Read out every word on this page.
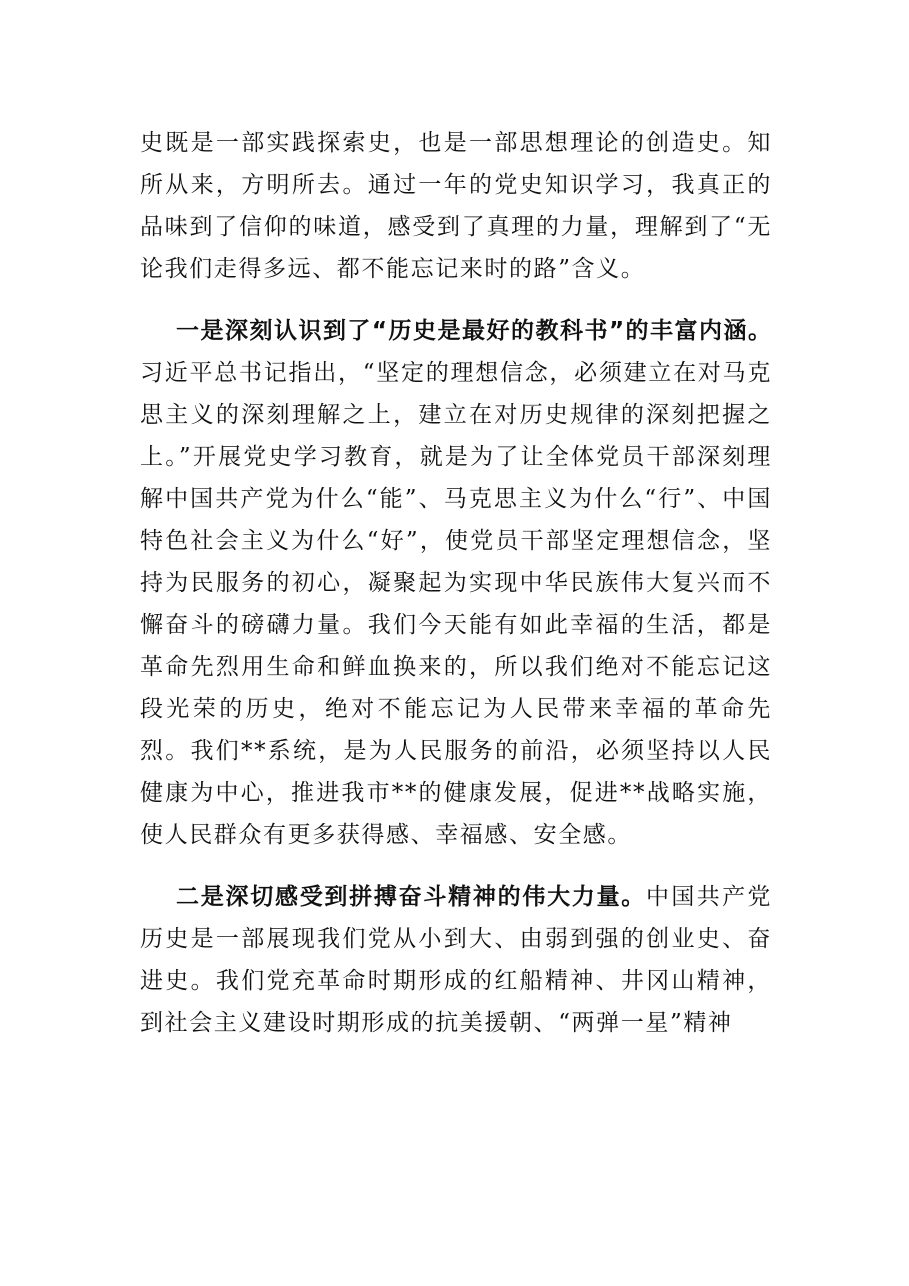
史既是一部实践探索史，也是一部思想理论的创造史。知所从来，方明所去。通过一年的党史知识学习，我真正的品味到了信仰的味道，感受到了真理的力量，理解到了“无论我们走得多远、都不能忘记来时的路”含义。

一是深刻认识到了“历史是最好的教科书”的丰富内涵。习近平总书记指出，“坚定的理想信念，必须建立在对马克思主义的深刻理解之上，建立在对历史规律的深刻把握之上。”开展党史学习教育，就是为了让全体党员干部深刻理解中国共产党为什么“能”、马克思主义为什么“行”、中国特色社会主义为什么“好”，使党员干部坚定理想信念，坚持为民服务的初心，凝聚起为实现中华民族伟大复兴而不懈奋斗的磅礴力量。我们今天能有如此幸福的生活，都是革命先烈用生命和鲜血换来的，所以我们绝对不能忘记这段光荣的历史，绝对不能忘记为人民带来幸福的革命先烈。我们**系统，是为人民服务的前沿，必须坚持以人民健康为中心，推进我市**的健康发展，促进**战略实施，使人民群众有更多获得感、幸福感、安全感。

二是深切感受到拼搏奋斗精神的伟大力量。中国共产党历史是一部展现我们党从小到大、由弱到强的创业史、奋进史。我们党充革命时期形成的红船精神、井冈山精神，到社会主义建设时期形成的抗美援朝、“两弹一星”精神
